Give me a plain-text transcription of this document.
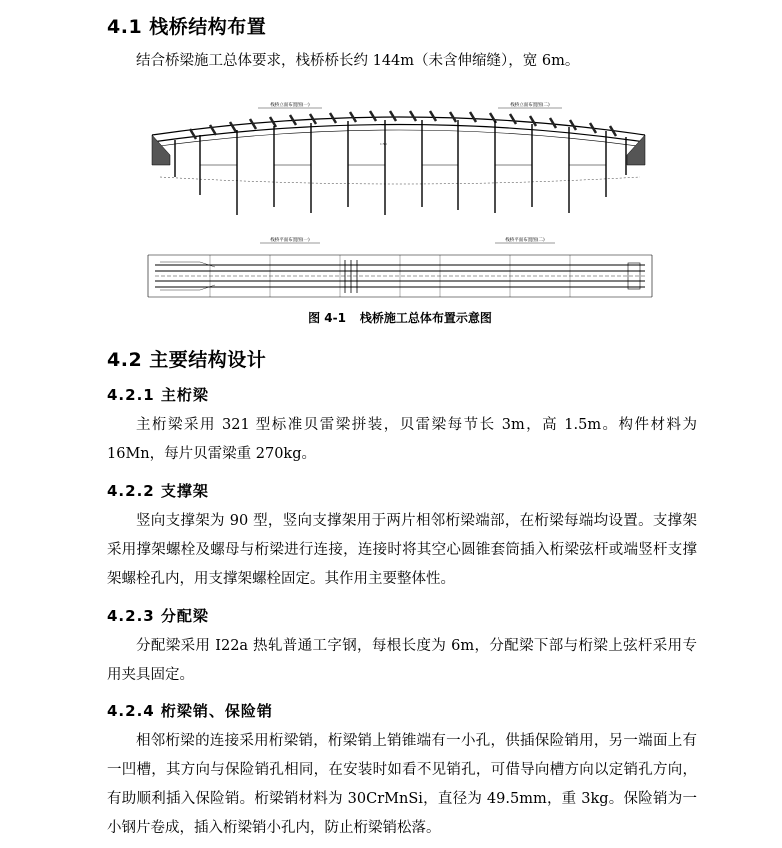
4.1 栈桥结构布置

结合桥梁施工总体要求，栈桥桥长约 144m（未含伸缩缝），宽 6m。

栈桥立面布置图(一)	栈桥立面布置图(二)
1:50
栈桥平面布置图(一)	栈桥平面布置图(二)
图 4-1 栈桥施工总体布置示意图
4.2 主要结构设计
4.2.1 主桁梁

主桁梁采用 321 型标准贝雷梁拼装，贝雷梁每节长 3m，高 1.5m。构件材料为 16Mn，每片贝雷梁重 270kg。

4.2.2 支撑架

竖向支撑架为 90 型，竖向支撑架用于两片相邻桁梁端部，在桁梁每端均设置。支撑架采用撑架螺栓及螺母与桁梁进行连接，连接时将其空心圆锥套筒插入桁梁弦杆或端竖杆支撑架螺栓孔内，用支撑架螺栓固定。其作用主要整体性。

4.2.3 分配梁

分配梁采用 I22a 热轧普通工字钢，每根长度为 6m，分配梁下部与桁梁上弦杆采用专用夹具固定。

4.2.4 桁梁销、保险销

相邻桁梁的连接采用桁梁销，桁梁销上销锥端有一小孔，供插保险销用，另一端面上有一凹槽，其方向与保险销孔相同，在安装时如看不见销孔，可借导向槽方向以定销孔方向，有助顺利插入保险销。桁梁销材料为 30CrMnSi，直径为 49.5mm，重 3kg。保险销为一小钢片卷成，插入桁梁销小孔内，防止桁梁销松落。
